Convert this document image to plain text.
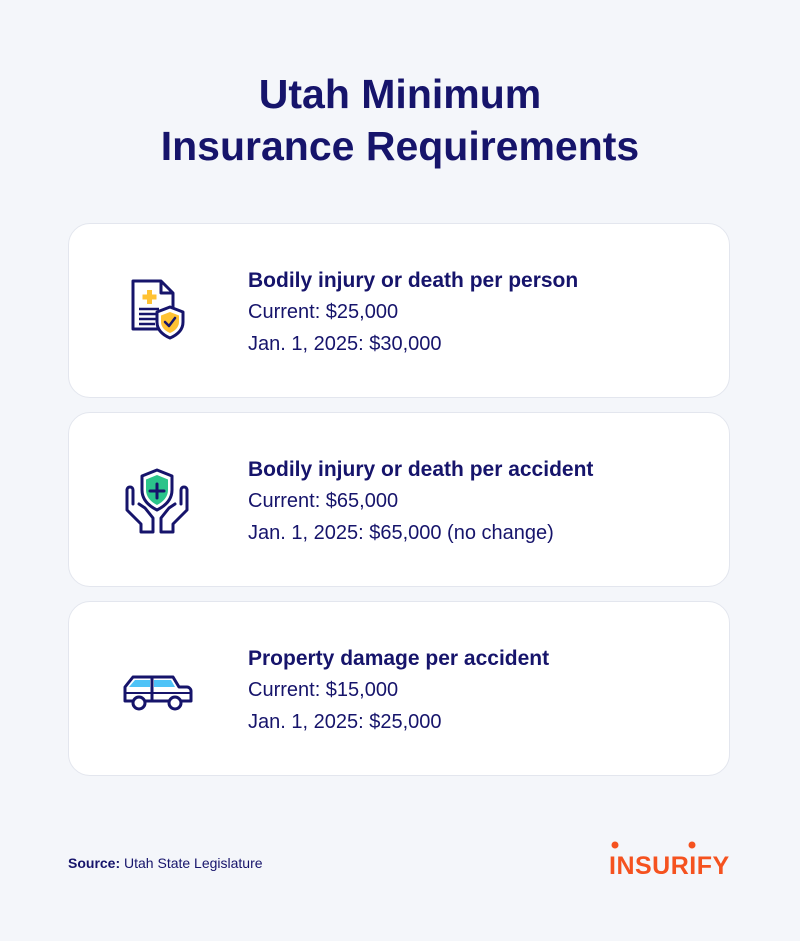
Utah Minimum
Insurance Requirements
Bodily injury or death per person
Current: $25,000
Jan. 1, 2025: $30,000
Bodily injury or death per accident
Current: $65,000
Jan. 1, 2025: $65,000 (no change)
Property damage per accident
Current: $15,000
Jan. 1, 2025: $25,000
Source: Utah State Legislature	INSURIFY
